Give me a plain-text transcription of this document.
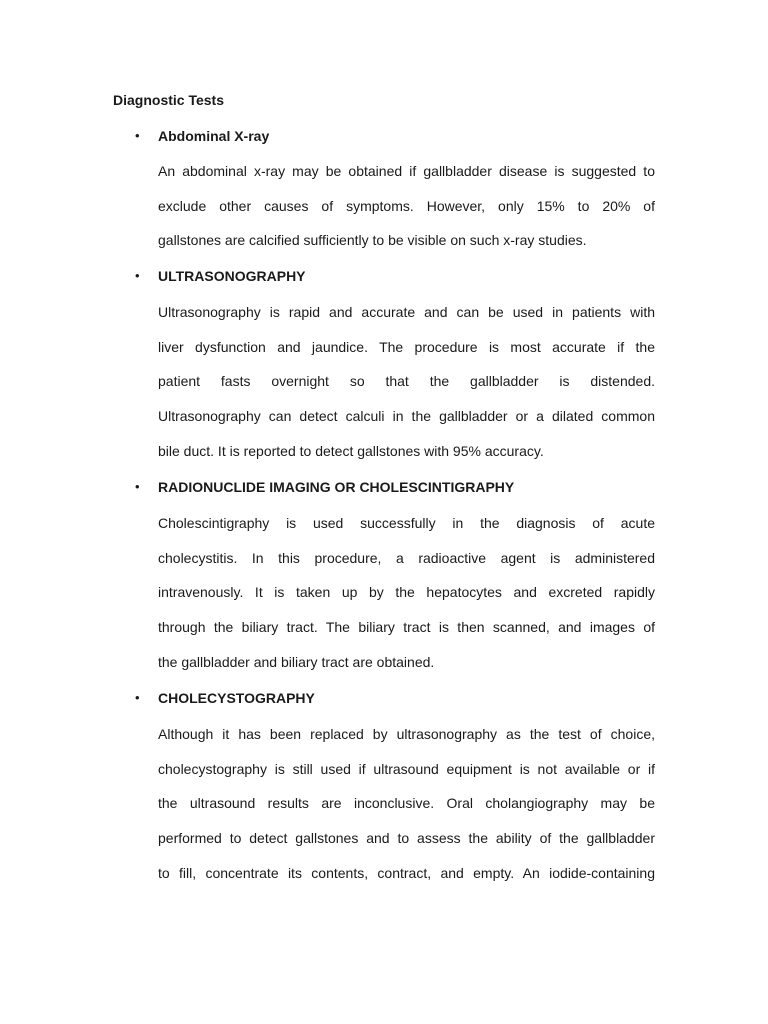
Diagnostic Tests
• Abdominal X-ray
An abdominal x-ray may be obtained if gallbladder disease is suggested to
exclude other causes of symptoms. However, only 15% to 20% of
gallstones are calcified sufficiently to be visible on such x-ray studies.
• ULTRASONOGRAPHY
Ultrasonography is rapid and accurate and can be used in patients with
liver dysfunction and jaundice. The procedure is most accurate if the
patient fasts overnight so that the gallbladder is distended.
Ultrasonography can detect calculi in the gallbladder or a dilated common
bile duct. It is reported to detect gallstones with 95% accuracy.
• RADIONUCLIDE IMAGING OR CHOLESCINTIGRAPHY
Cholescintigraphy is used successfully in the diagnosis of acute
cholecystitis. In this procedure, a radioactive agent is administered
intravenously. It is taken up by the hepatocytes and excreted rapidly
through the biliary tract. The biliary tract is then scanned, and images of
the gallbladder and biliary tract are obtained.
• CHOLECYSTOGRAPHY
Although it has been replaced by ultrasonography as the test of choice,
cholecystography is still used if ultrasound equipment is not available or if
the ultrasound results are inconclusive. Oral cholangiography may be
performed to detect gallstones and to assess the ability of the gallbladder
to fill, concentrate its contents, contract, and empty. An iodide-containing
